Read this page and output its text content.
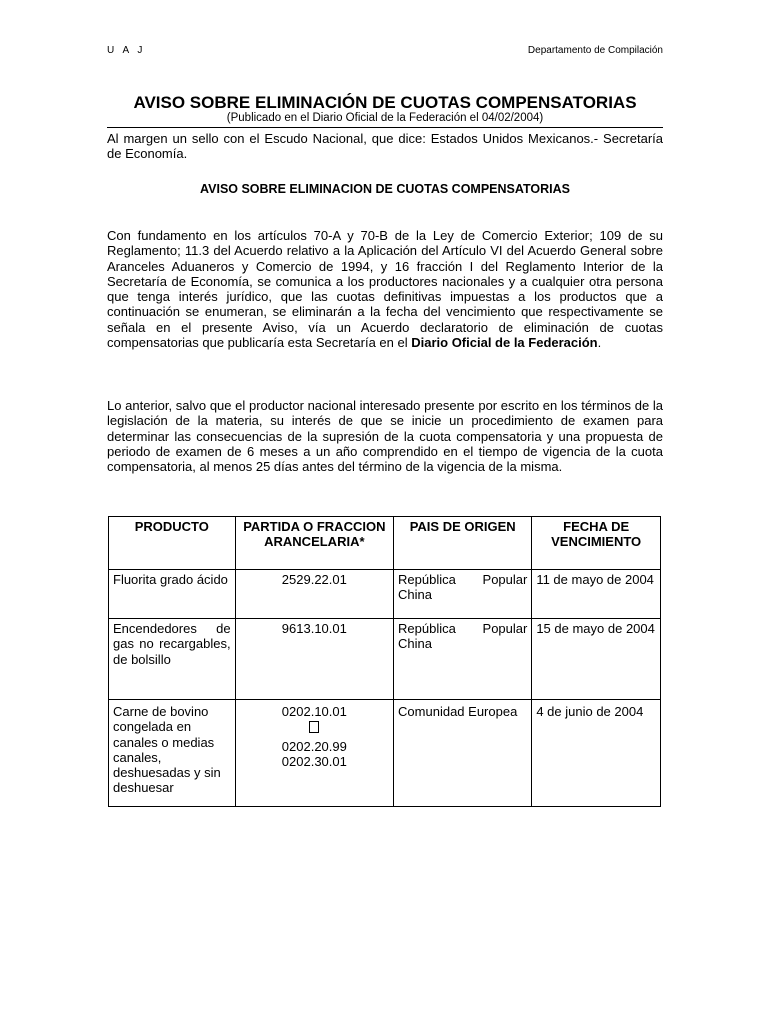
U A J	Departamento de Compilación
AVISO SOBRE ELIMINACIÓN DE CUOTAS COMPENSATORIAS
(Publicado en el Diario Oficial de la Federación el 04/02/2004)

Al margen un sello con el Escudo Nacional, que dice: Estados Unidos Mexicanos.- Secretaría de Economía.

AVISO SOBRE ELIMINACION DE CUOTAS COMPENSATORIAS

Con fundamento en los artículos 70-A y 70-B de la Ley de Comercio Exterior; 109 de su Reglamento; 11.3 del Acuerdo relativo a la Aplicación del Artículo VI del Acuerdo General sobre Aranceles Aduaneros y Comercio de 1994, y 16 fracción I del Reglamento Interior de la Secretaría de Economía, se comunica a los productores nacionales y a cualquier otra persona que tenga interés jurídico, que las cuotas definitivas impuestas a los productos que a continuación se enumeran, se eliminarán a la fecha del vencimiento que respectivamente se señala en el presente Aviso, vía un Acuerdo declaratorio de eliminación de cuotas compensatorias que publicaría esta Secretaría en el Diario Oficial de la Federación.

Lo anterior, salvo que el productor nacional interesado presente por escrito en los términos de la legislación de la materia, su interés de que se inicie un procedimiento de examen para determinar las consecuencias de la supresión de la cuota compensatoria y una propuesta de periodo de examen de 6 meses a un año comprendido en el tiempo de vigencia de la cuota compensatoria, al menos 25 días antes del término de la vigencia de la misma.

PRODUCTO	PARTIDA O FRACCION ARANCELARIA*	PAIS DE ORIGEN	FECHA DE VENCIMIENTO
Fluorita grado ácido	2529.22.01	República Popular China	11 de mayo de 2004
Encendedores de gas no recargables, de bolsillo	9613.10.01	República Popular China	15 de mayo de 2004
Carne de bovino congelada en canales o medias canales, deshuesadas y sin deshuesar	0202.10.01
0202.20.99
0202.30.01	Comunidad Europea	4 de junio de 2004
